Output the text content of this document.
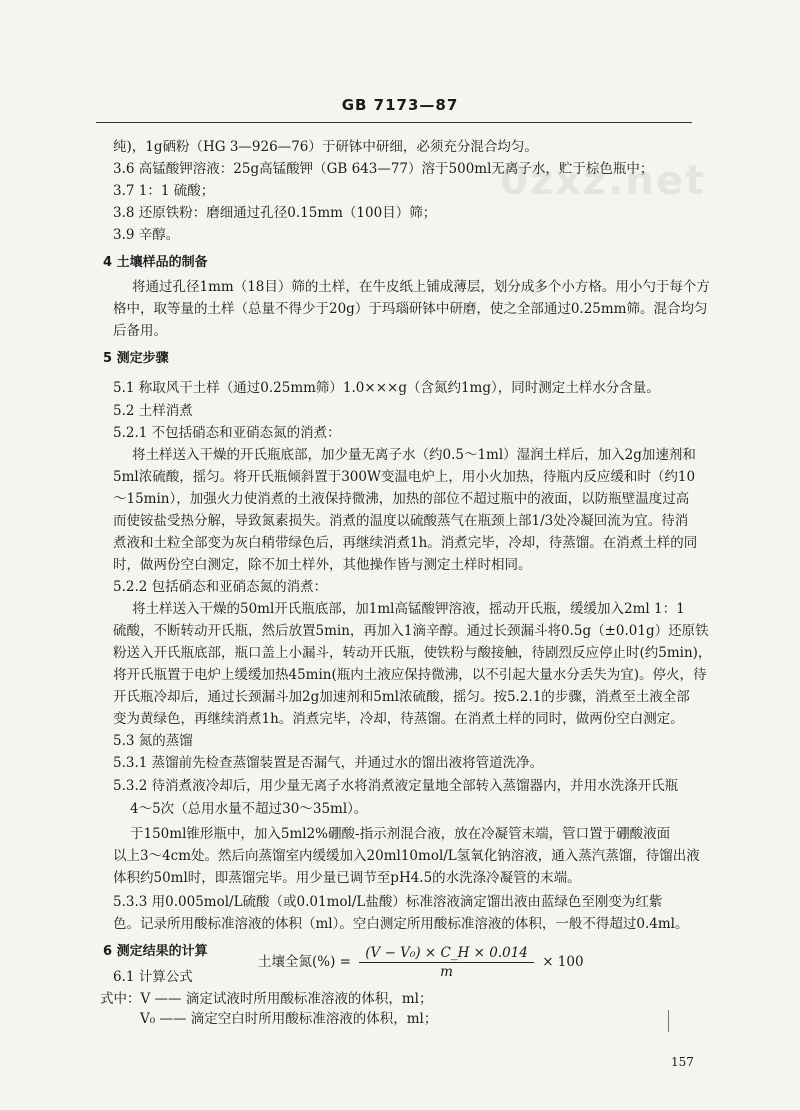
GB 7173—87
0zxz.net
纯)，1g硒粉（HG 3—926—76）于研钵中研细，必须充分混合均匀。
3.6 高锰酸钾溶液：25g高锰酸钾（GB 643—77）溶于500ml无离子水，贮于棕色瓶中；
3.7 1：1 硫酸；
3.8 还原铁粉：磨细通过孔径0.15mm（100目）筛；
3.9 辛醇。
4 土壤样品的制备
将通过孔径1mm（18目）筛的土样，在牛皮纸上铺成薄层，划分成多个小方格。用小勺于每个方
格中，取等量的土样（总量不得少于20g）于玛瑙研钵中研磨，使之全部通过0.25mm筛。混合均匀
后备用。
5 测定步骤
5.1 称取风干土样（通过0.25mm筛）1.0×××g（含氮约1mg），同时测定土样水分含量。
5.2 土样消煮
5.2.1 不包括硝态和亚硝态氮的消煮：
将土样送入干燥的开氏瓶底部，加少量无离子水（约0.5～1ml）湿润土样后，加入2g加速剂和
5ml浓硫酸，摇匀。将开氏瓶倾斜置于300W变温电炉上，用小火加热，待瓶内反应缓和时（约10
～15min），加强火力使消煮的土液保持微沸，加热的部位不超过瓶中的液面，以防瓶壁温度过高
而使铵盐受热分解，导致氮素损失。消煮的温度以硫酸蒸气在瓶颈上部1/3处冷凝回流为宜。待消
煮液和土粒全部变为灰白稍带绿色后，再继续消煮1h。消煮完毕，冷却，待蒸馏。在消煮土样的同
时，做两份空白测定，除不加土样外，其他操作皆与测定土样时相同。
5.2.2 包括硝态和亚硝态氮的消煮：
将土样送入干燥的50ml开氏瓶底部，加1ml高锰酸钾溶液，摇动开氏瓶，缓缓加入2ml 1：1
硫酸，不断转动开氏瓶，然后放置5min，再加入1滴辛醇。通过长颈漏斗将0.5g（±0.01g）还原铁
粉送入开氏瓶底部，瓶口盖上小漏斗，转动开氏瓶，使铁粉与酸接触，待剧烈反应停止时(约5min)，
将开氏瓶置于电炉上缓缓加热45min(瓶内土液应保持微沸，以不引起大量水分丢失为宜)。停火，待
开氏瓶冷却后，通过长颈漏斗加2g加速剂和5ml浓硫酸，摇匀。按5.2.1的步骤，消煮至土液全部
变为黄绿色，再继续消煮1h。消煮完毕，冷却，待蒸馏。在消煮土样的同时，做两份空白测定。
5.3 氮的蒸馏
5.3.1 蒸馏前先检查蒸馏装置是否漏气，并通过水的馏出液将管道洗净。
5.3.2 待消煮液冷却后，用少量无离子水将消煮液定量地全部转入蒸馏器内，并用水洗涤开氏瓶
4～5次（总用水量不超过30～35ml）。
于150ml锥形瓶中，加入5ml2%硼酸-指示剂混合液，放在冷凝管末端，管口置于硼酸液面
以上3～4cm处。然后向蒸馏室内缓缓加入20ml10mol/L氢氧化钠溶液，通入蒸汽蒸馏，待馏出液
体积约50ml时，即蒸馏完毕。用少量已调节至pH4.5的水洗涤冷凝管的末端。
5.3.3 用0.005mol/L硫酸（或0.01mol/L盐酸）标准溶液滴定馏出液由蓝绿色至刚变为红紫
色。记录所用酸标准溶液的体积（ml）。空白测定所用酸标准溶液的体积，一般不得超过0.4ml。
6 测定结果的计算
6.1 计算公式
土壤全氮(%) = $\frac{\text{(V − V₀) × C\_H × 0.014}}{m} \times 100$
式中：V —— 滴定试液时所用酸标准溶液的体积，ml；
V₀ —— 滴定空白时所用酸标准溶液的体积，ml；
157
